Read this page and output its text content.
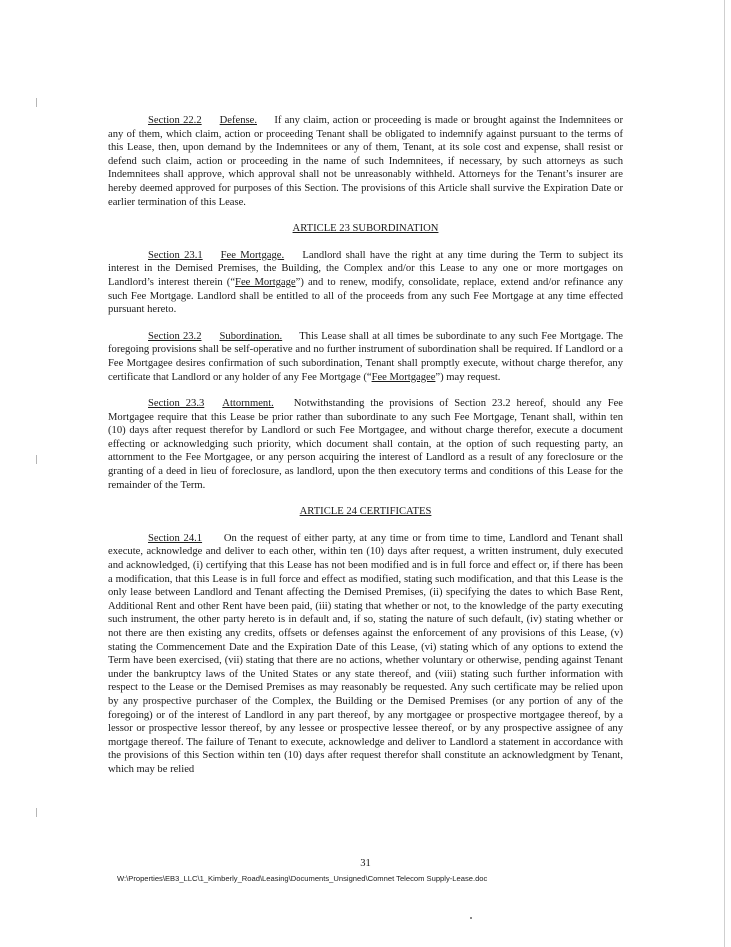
Section 22.2 Defense. If any claim, action or proceeding is made or brought against the Indemnitees or any of them, which claim, action or proceeding Tenant shall be obligated to indemnify against pursuant to the terms of this Lease, then, upon demand by the Indemnitees or any of them, Tenant, at its sole cost and expense, shall resist or defend such claim, action or proceeding in the name of such Indemnitees, if necessary, by such attorneys as such Indemnitees shall approve, which approval shall not be unreasonably withheld. Attorneys for the Tenant’s insurer are hereby deemed approved for purposes of this Section. The provisions of this Article shall survive the Expiration Date or earlier termination of this Lease.

ARTICLE 23 SUBORDINATION

Section 23.1 Fee Mortgage. Landlord shall have the right at any time during the Term to subject its interest in the Demised Premises, the Building, the Complex and/or this Lease to any one or more mortgages on Landlord’s interest therein (“Fee Mortgage”) and to renew, modify, consolidate, replace, extend and/or refinance any such Fee Mortgage. Landlord shall be entitled to all of the proceeds from any such Fee Mortgage at any time effected pursuant hereto.

Section 23.2 Subordination. This Lease shall at all times be subordinate to any such Fee Mortgage. The foregoing provisions shall be self-operative and no further instrument of subordination shall be required. If Landlord or a Fee Mortgagee desires confirmation of such subordination, Tenant shall promptly execute, without charge therefor, any certificate that Landlord or any holder of any Fee Mortgage (“Fee Mortgagee”) may request.

Section 23.3 Attornment. Notwithstanding the provisions of Section 23.2 hereof, should any Fee Mortgagee require that this Lease be prior rather than subordinate to any such Fee Mortgage, Tenant shall, within ten (10) days after request therefor by Landlord or such Fee Mortgagee, and without charge therefor, execute a document effecting or acknowledging such priority, which document shall contain, at the option of such requesting party, an attornment to the Fee Mortgagee, or any person acquiring the interest of Landlord as a result of any foreclosure or the granting of a deed in lieu of foreclosure, as landlord, upon the then executory terms and conditions of this Lease for the remainder of the Term.

ARTICLE 24 CERTIFICATES

Section 24.1 On the request of either party, at any time or from time to time, Landlord and Tenant shall execute, acknowledge and deliver to each other, within ten (10) days after request, a written instrument, duly executed and acknowledged, (i) certifying that this Lease has not been modified and is in full force and effect or, if there has been a modification, that this Lease is in full force and effect as modified, stating such modification, and that this Lease is the only lease between Landlord and Tenant affecting the Demised Premises, (ii) specifying the dates to which Base Rent, Additional Rent and other Rent have been paid, (iii) stating that whether or not, to the knowledge of the party executing such instrument, the other party hereto is in default and, if so, stating the nature of such default, (iv) stating whether or not there are then existing any credits, offsets or defenses against the enforcement of any provisions of this Lease, (v) stating the Commencement Date and the Expiration Date of this Lease, (vi) stating which of any options to extend the Term have been exercised, (vii) stating that there are no actions, whether voluntary or otherwise, pending against Tenant under the bankruptcy laws of the United States or any state thereof, and (viii) stating such further information with respect to the Lease or the Demised Premises as may reasonably be requested. Any such certificate may be relied upon by any prospective purchaser of the Complex, the Building or the Demised Premises (or any portion of any of the foregoing) or of the interest of Landlord in any part thereof, by any mortgagee or prospective mortgagee thereof, by a lessor or prospective lessor thereof, by any lessee or prospective lessee thereof, or by any prospective assignee of any mortgage thereof. The failure of Tenant to execute, acknowledge and deliver to Landlord a statement in accordance with the provisions of this Section within ten (10) days after request therefor shall constitute an acknowledgment by Tenant, which may be relied

31
W:\Properties\EB3_LLC\1_Kimberly_Road\Leasing\Documents_Unsigned\Comnet Telecom Supply-Lease.doc
